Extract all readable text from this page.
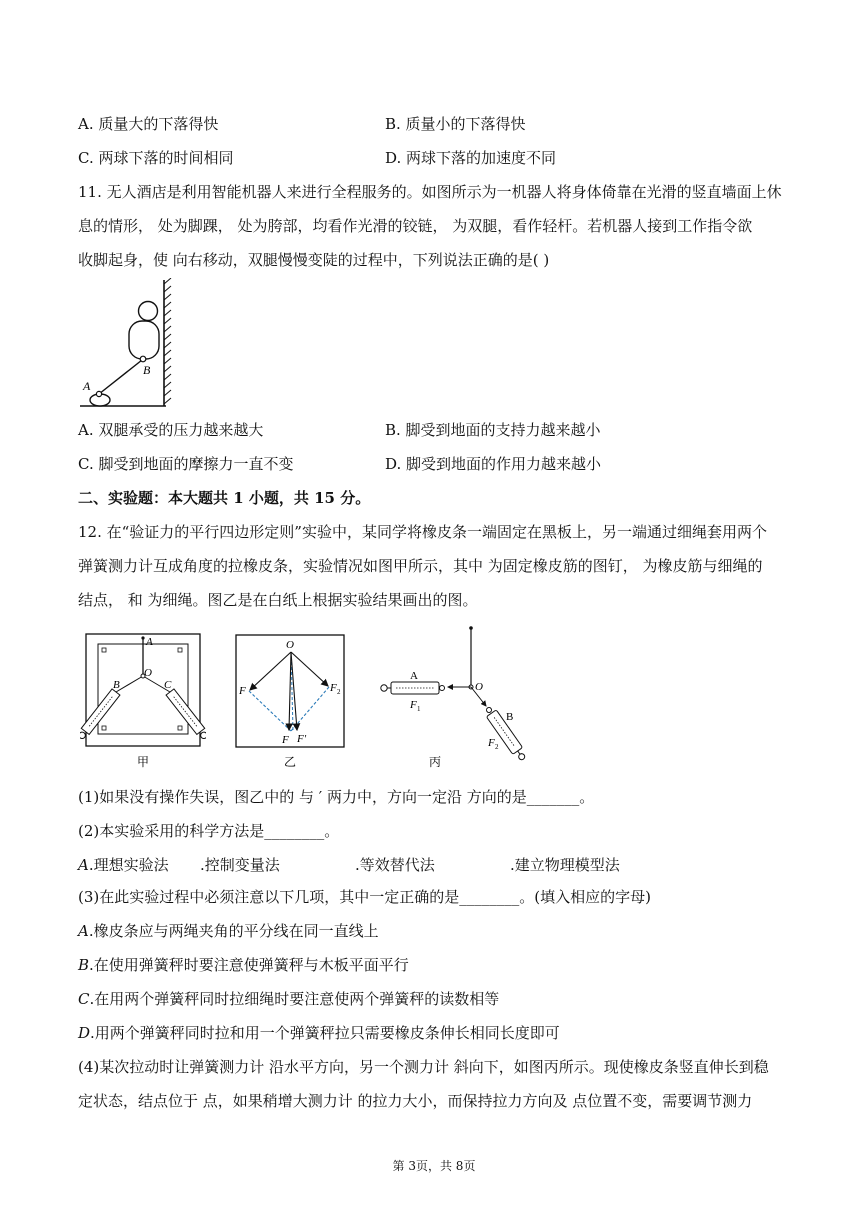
A. 质量大的下落得快	B. 质量小的下落得快
C. 两球下落的时间相同	D. 两球下落的加速度不同
11. 无人酒店是利用智能机器人来进行全程服务的。如图所示为一机器人将身体倚靠在光滑的竖直墙面上休
息的情形， 处为脚踝， 处为胯部，均看作光滑的铰链， 为双腿，看作轻杆。若机器人接到工作指令欲
收脚起身，使 向右移动，双腿慢慢变陡的过程中，下列说法正确的是( )
A
B
A. 双腿承受的压力越来越大	B. 脚受到地面的支持力越来越小
C. 脚受到地面的摩擦力一直不变	D. 脚受到地面的作用力越来越小
二、实验题：本大题共 1 小题，共 15 分。
12. 在“验证力的平行四边形定则”实验中，某同学将橡皮条一端固定在黑板上，另一端通过细绳套用两个
弹簧测力计互成角度的拉橡皮条，实验情况如图甲所示，其中 为固定橡皮筋的图钉， 为橡皮筋与细绳的
结点， 和 为细绳。图乙是在白纸上根据实验结果画出的图。
A
O
B	C
甲
O
F	F 2
F F′
乙
A
O
F 1
B
F 2
丙
(1)如果没有操作失误，图乙中的 与 ′ 两力中，方向一定沿 方向的是_______。
(2)本实验采用的科学方法是________。
A.理想实验法 .控制变量法	.等效替代法	.建立物理模型法
(3)在此实验过程中必须注意以下几项，其中一定正确的是________。(填入相应的字母)
A.橡皮条应与两绳夹角的平分线在同一直线上
B.在使用弹簧秤时要注意使弹簧秤与木板平面平行
C.在用两个弹簧秤同时拉细绳时要注意使两个弹簧秤的读数相等
D.用两个弹簧秤同时拉和用一个弹簧秤拉只需要橡皮条伸长相同长度即可
(4)某次拉动时让弹簧测力计 沿水平方向，另一个测力计 斜向下，如图丙所示。现使橡皮条竖直伸长到稳
定状态，结点位于 点，如果稍增大测力计 的拉力大小，而保持拉力方向及 点位置不变，需要调节测力
第 3页，共 8页
